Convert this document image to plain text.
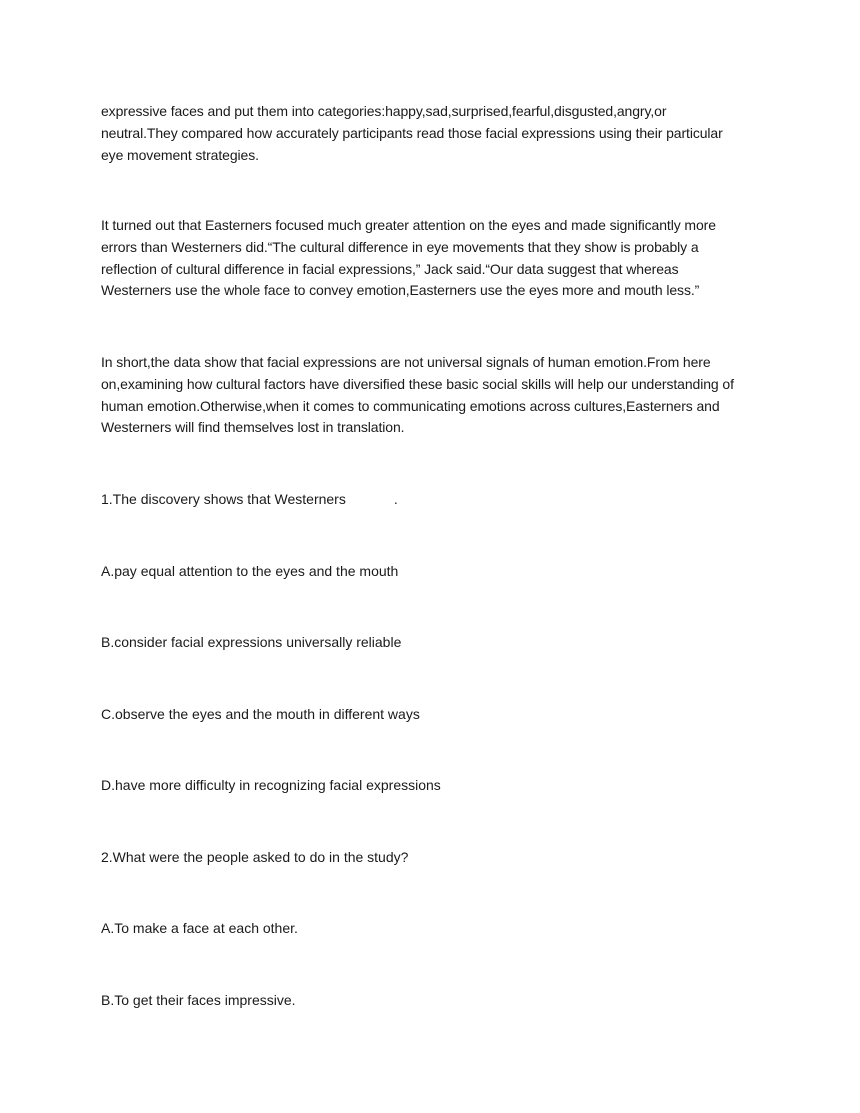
expressive faces and put them into categories:happy,sad,surprised,fearful,disgusted,angry,or
neutral.They compared how accurately participants read those facial expressions using their particular
eye movement strategies.
It turned out that Easterners focused much greater attention on the eyes and made significantly more
errors than Westerners did.“The cultural difference in eye movements that they show is probably a
reflection of cultural difference in facial expressions,” Jack said.“Our data suggest that whereas
Westerners use the whole face to convey emotion,Easterners use the eyes more and mouth less.”
In short,the data show that facial expressions are not universal signals of human emotion.From here
on,examining how cultural factors have diversified these basic social skills will help our understanding of
human emotion.Otherwise,when it comes to communicating emotions across cultures,Easterners and
Westerners will find themselves lost in translation.
1.The discovery shows that Westerners	.
A.pay equal attention to the eyes and the mouth
B.consider facial expressions universally reliable
C.observe the eyes and the mouth in different ways
D.have more difficulty in recognizing facial expressions
2.What were the people asked to do in the study?
A.To make a face at each other.
B.To get their faces impressive.
